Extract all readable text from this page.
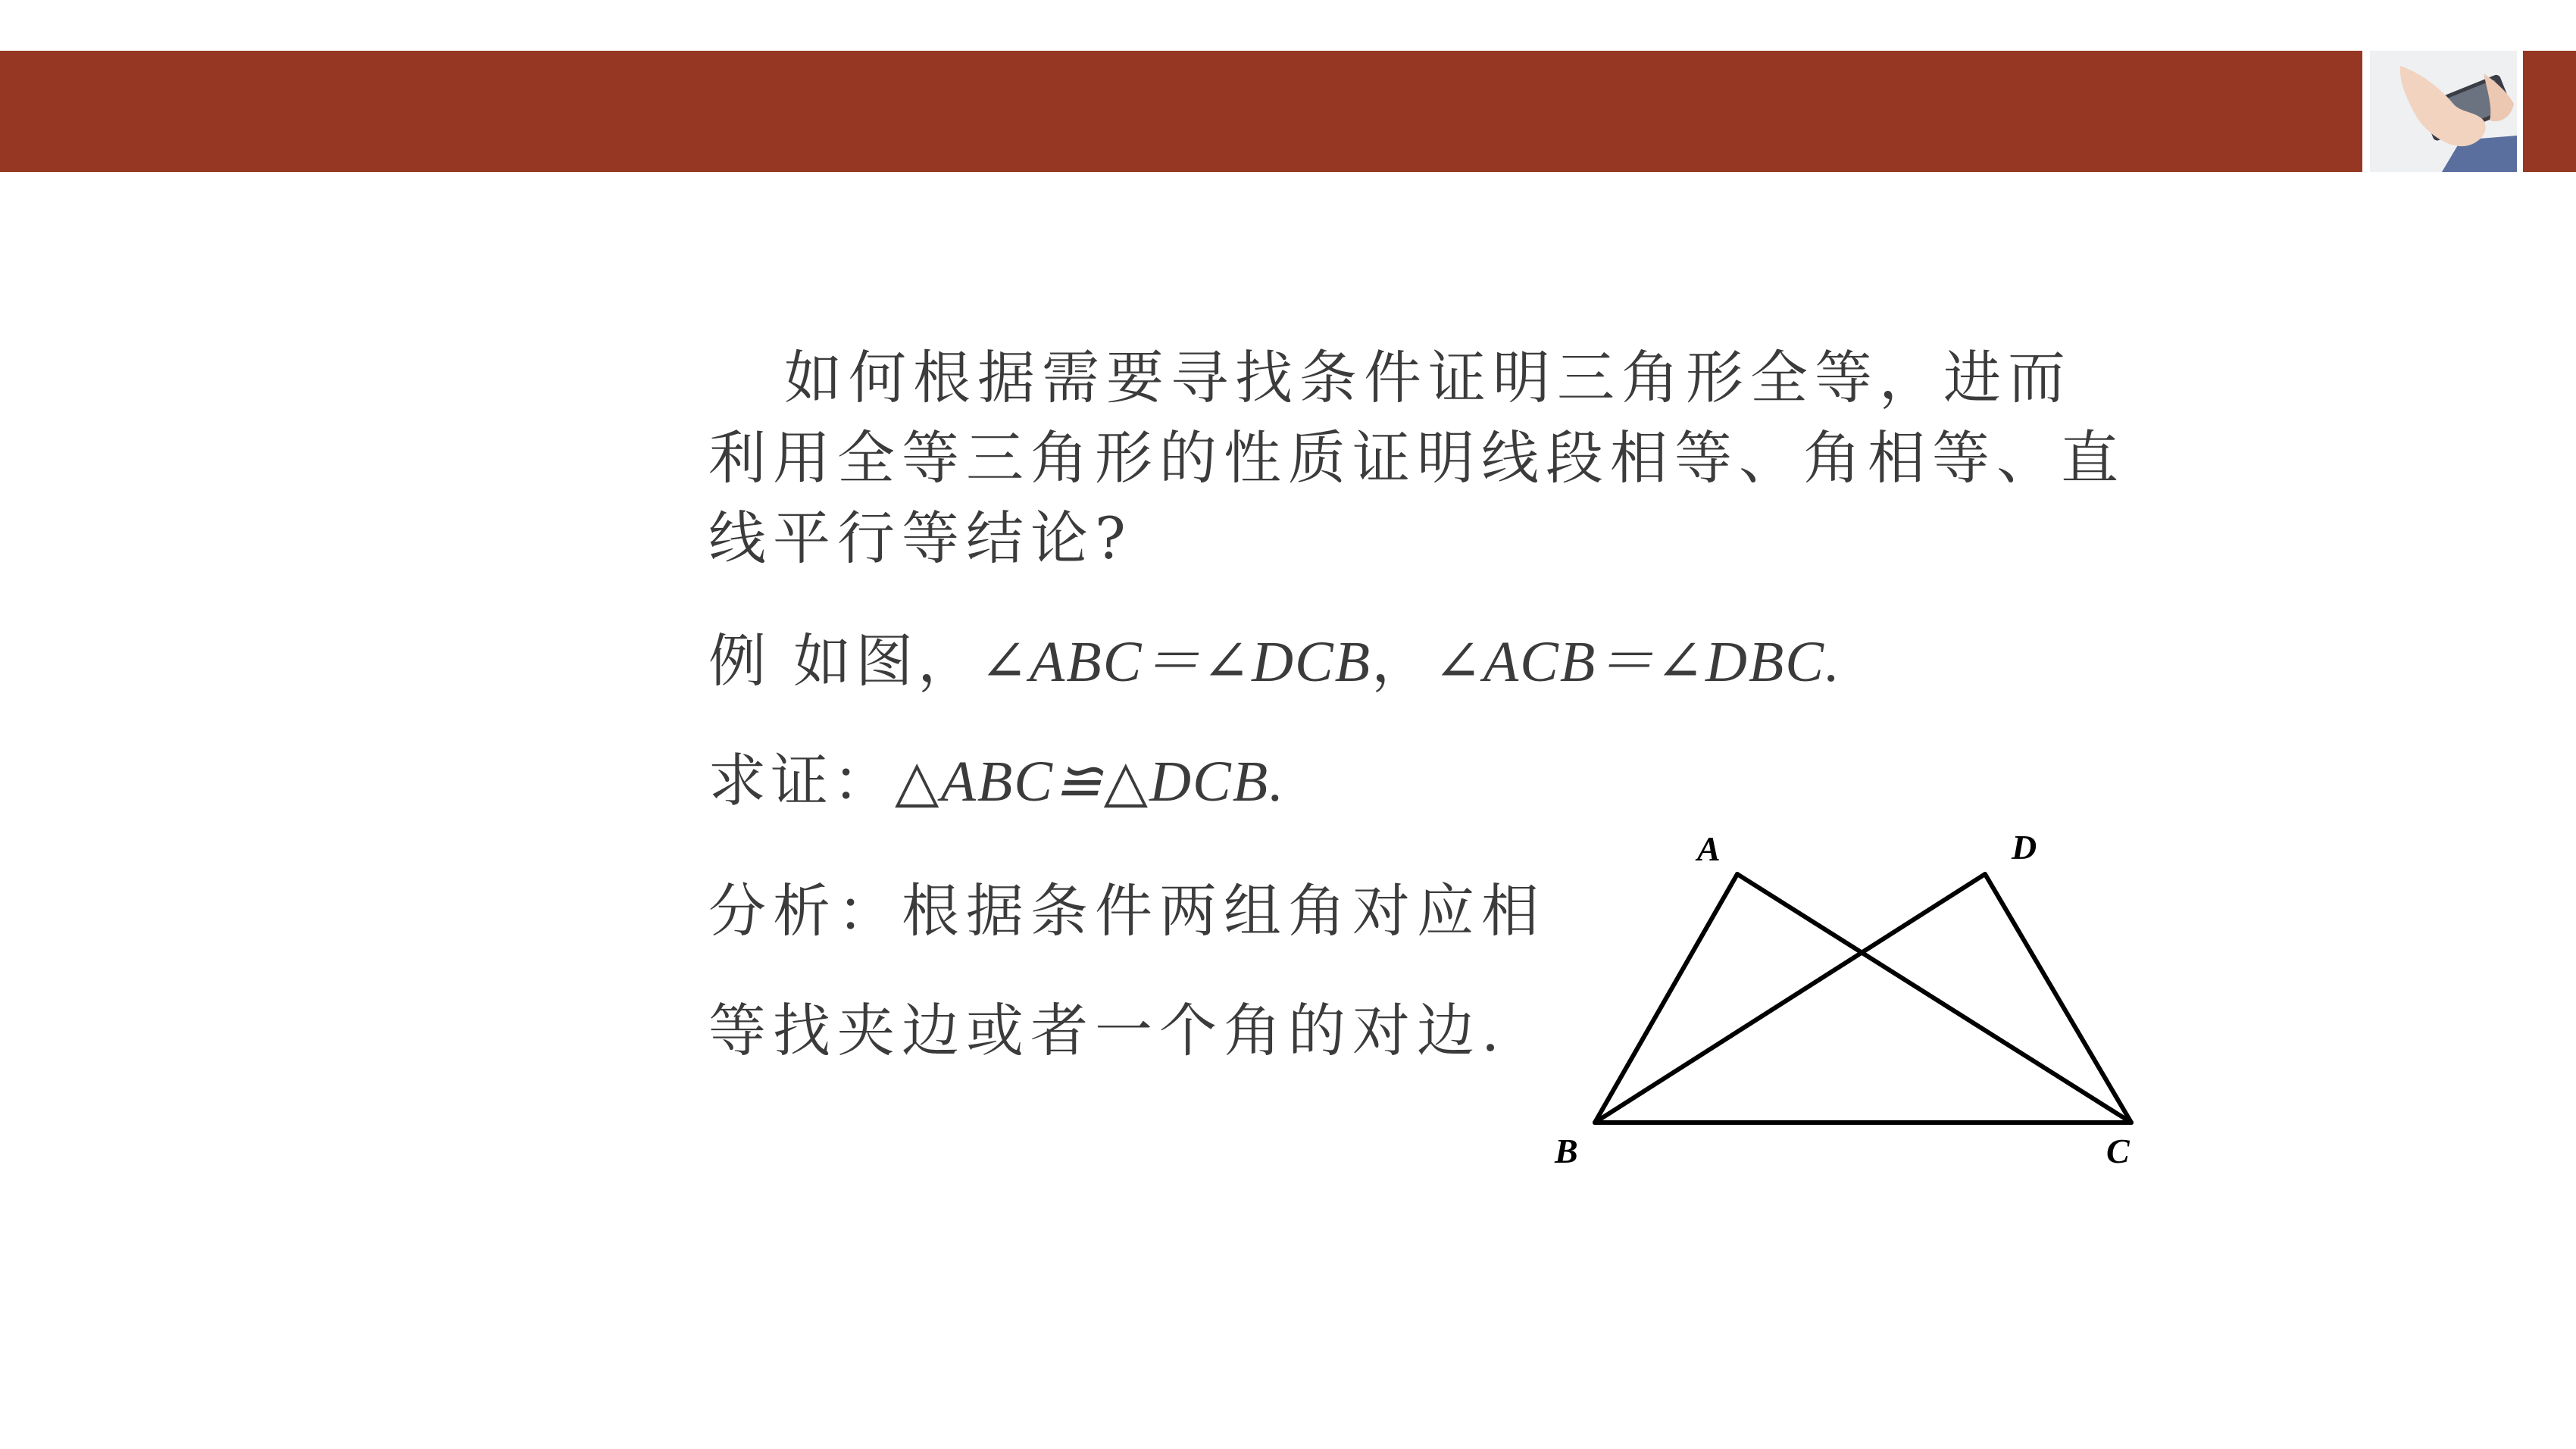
如何根据需要寻找条件证明三角形全等，进而利用全等三角形的性质证明线段相等、角相等、直线平行等结论?

例 如图，∠ABC＝∠DCB，∠ACB＝∠DBC.
求证：△ABC≌△DCB.
分析：根据条件两组角对应相
等找夹边或者一个角的对边.
A	D
B	C
